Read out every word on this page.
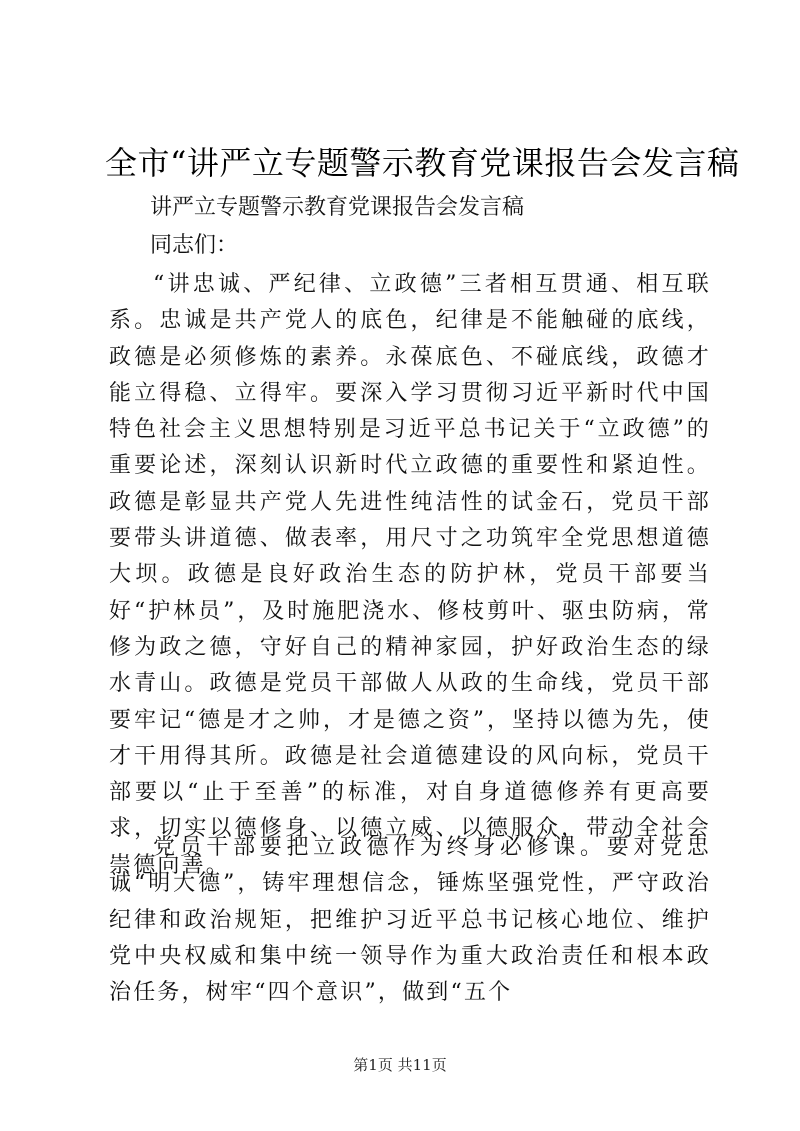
全市“讲严立专题警示教育党课报告会发言稿
讲严立专题警示教育党课报告会发言稿
同志们：

“讲忠诚、严纪律、立政德”三者相互贯通、相互联系。忠诚是共产党人的底色，纪律是不能触碰的底线，政德是必须修炼的素养。永葆底色、不碰底线，政德才能立得稳、立得牢。要深入学习贯彻习近平新时代中国特色社会主义思想特别是习近平总书记关于“立政德”的重要论述，深刻认识新时代立政德的重要性和紧迫性。政德是彰显共产党人先进性纯洁性的试金石，党员干部要带头讲道德、做表率，用尺寸之功筑牢全党思想道德大坝。政德是良好政治生态的防护林，党员干部要当好“护林员”，及时施肥浇水、修枝剪叶、驱虫防病，常修为政之德，守好自己的精神家园，护好政治生态的绿水青山。政德是党员干部做人从政的生命线，党员干部要牢记“德是才之帅，才是德之资”，坚持以德为先，使才干用得其所。政德是社会道德建设的风向标，党员干部要以“止于至善”的标准，对自身道德修养有更高要求，切实以德修身、以德立威、以德服众，带动全社会崇德向善。

党员干部要把立政德作为终身必修课。要对党忠诚“明大德”，铸牢理想信念，锤炼坚强党性，严守政治纪律和政治规矩，把维护习近平总书记核心地位、维护党中央权威和集中统一领导作为重大政治责任和根本政治任务，树牢“四个意识”，做到“五个

第1页 共11页
